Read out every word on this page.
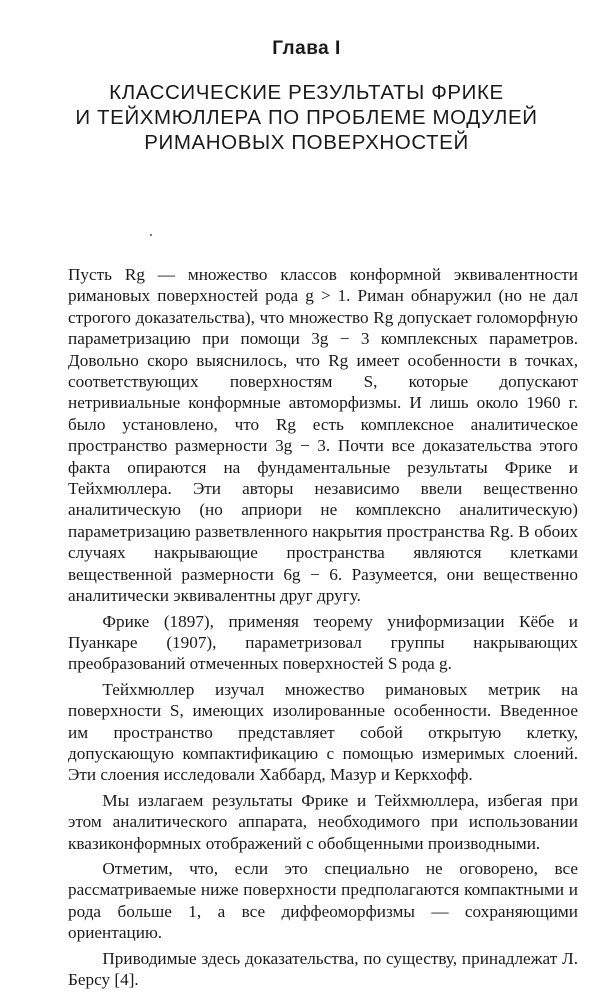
Глава I
КЛАССИЧЕСКИЕ РЕЗУЛЬТАТЫ ФРИКЕ
И ТЕЙХМЮЛЛЕРА ПО ПРОБЛЕМЕ МОДУЛЕЙ
РИМАНОВЫХ ПОВЕРХНОСТЕЙ

Пусть Rg — множество классов конформной эквивалентности римановых поверхностей рода g > 1. Риман обнаружил (но не дал строгого доказательства), что множество Rg допускает голоморфную параметризацию при помощи 3g − 3 комплексных параметров. Довольно скоро выяснилось, что Rg имеет особенности в точках, соответствующих поверхностям S, которые допускают нетривиальные конформные автоморфизмы. И лишь около 1960 г. было установлено, что Rg есть комплексное аналитическое пространство размерности 3g − 3. Почти все доказательства этого факта опираются на фундаментальные результаты Фрике и Тейхмюллера. Эти авторы независимо ввели вещественно аналитическую (но априори не комплексно аналитическую) параметризацию разветвленного накрытия пространства Rg. В обоих случаях накрывающие пространства являются клетками вещественной размерности 6g − 6. Разумеется, они вещественно аналитически эквивалентны друг другу.

Фрике (1897), применяя теорему униформизации Кёбе и Пуанкаре (1907), параметризовал группы накрывающих преобразований отмеченных поверхностей S рода g.

Тейхмюллер изучал множество римановых метрик на поверхности S, имеющих изолированные особенности. Введенное им пространство представляет собой открытую клетку, допускающую компактификацию с помощью измеримых слоений. Эти слоения исследовали Хаббард, Мазур и Керкхофф.

Мы излагаем результаты Фрике и Тейхмюллера, избегая при этом аналитического аппарата, необходимого при использовании квазиконформных отображений с обобщенными производными.

Отметим, что, если это специально не оговорено, все рассматриваемые ниже поверхности предполагаются компактными и рода больше 1, а все диффеоморфизмы — сохраняющими ориентацию.

Приводимые здесь доказательства, по существу, принадлежат Л. Берсу [4].
